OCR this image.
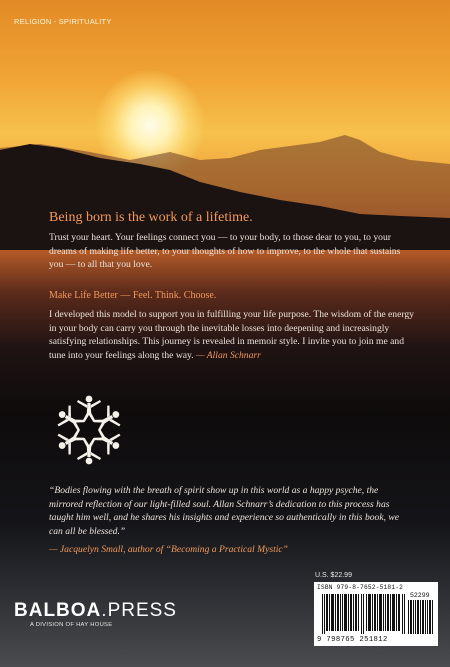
RELIGION - SPIRITUALITY
Being born is the work of a lifetime.
Trust your heart. Your feelings connect you — to your body, to those dear to you, to your dreams of making life better, to your thoughts of how to improve, to the whole that sustains you — to all that you love.
Make Life Better — Feel. Think. Choose.
I developed this model to support you in fulfilling your life purpose. The wisdom of the energy in your body can carry you through the inevitable losses into deepening and increasingly satisfying relationships. This journey is revealed in memoir style. I invite you to join me and tune into your feelings along the way. — Allan Schnarr
“Bodies flowing with the breath of spirit show up in this world as a happy psyche, the mirrored reflection of our light-filled soul. Allan Schnarr’s dedication to this process has taught him well, and he shares his insights and experience so authentically in this book, we can all be blessed.”
— Jacquelyn Small, author of “Becoming a Practical Mystic”
U.S. $22.99
ISBN 979-8-7652-5181-2
52299
9 798765 251812
BALBOA.PRESS
A DIVISION OF HAY HOUSE
